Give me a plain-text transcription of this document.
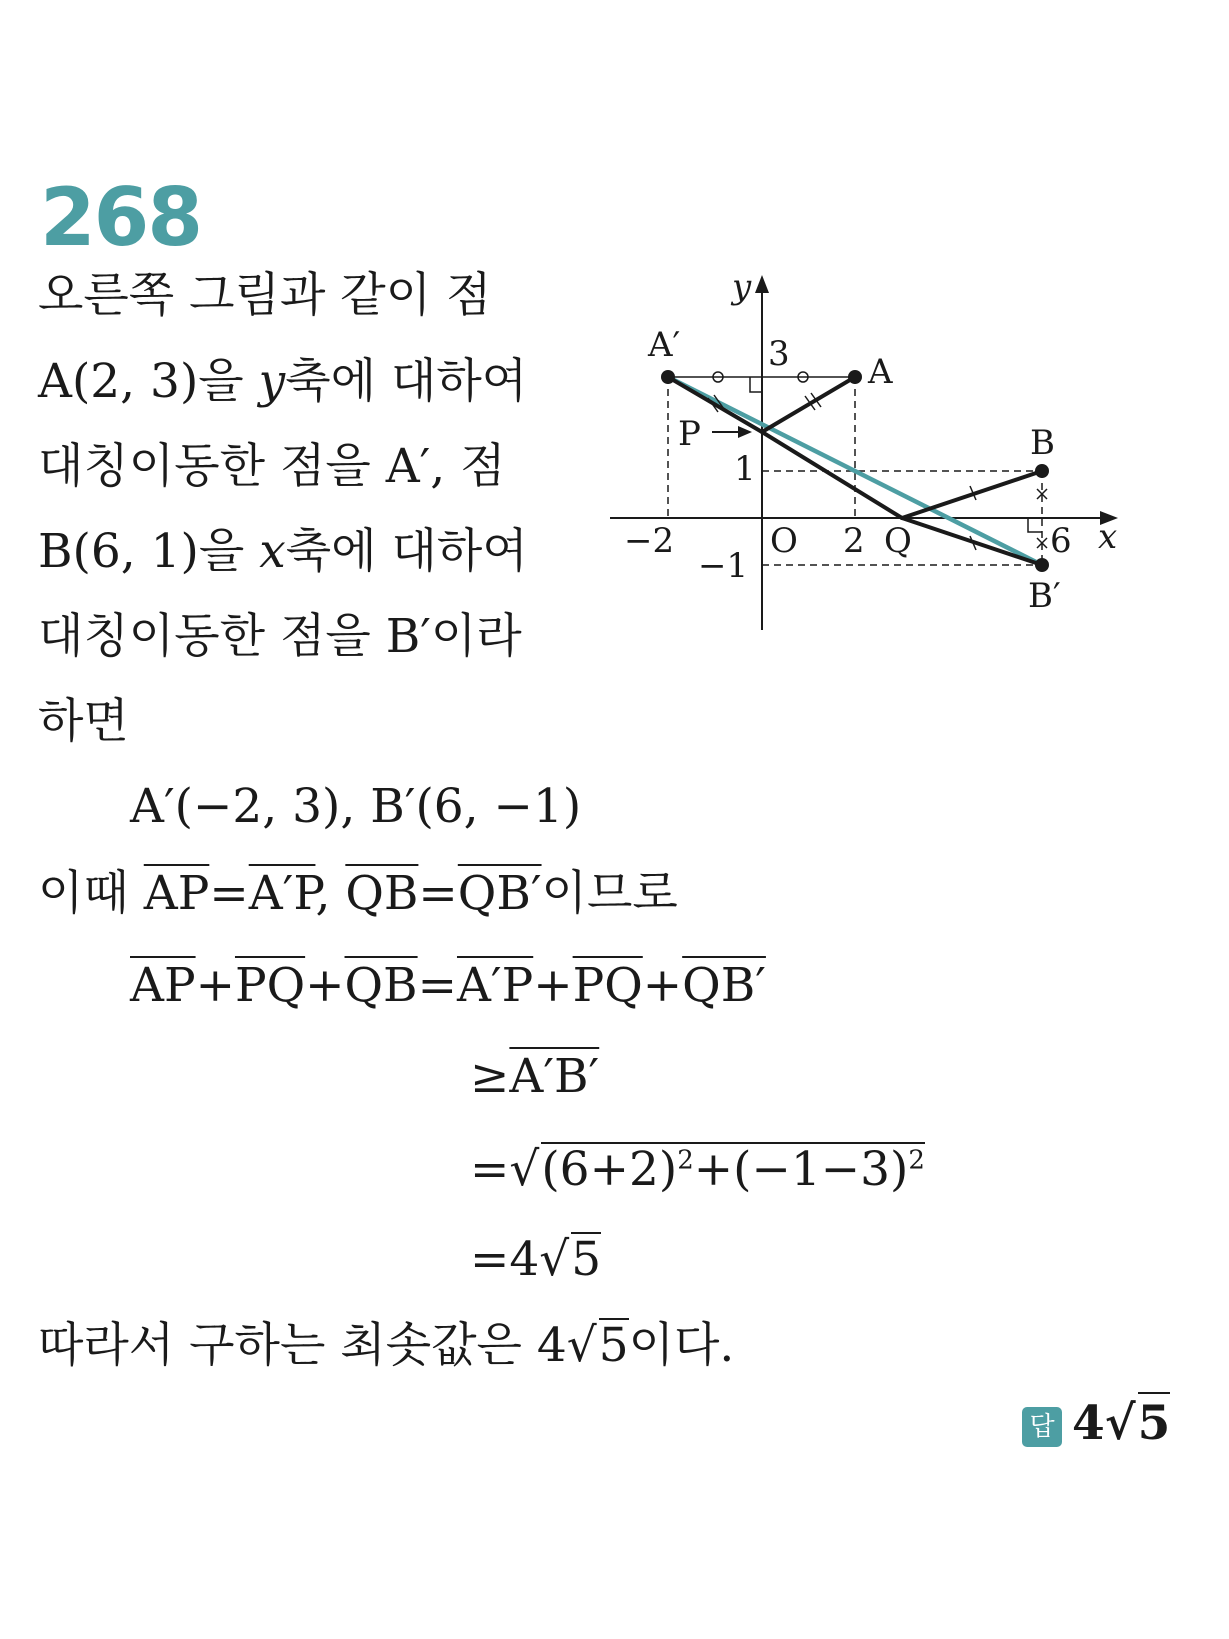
268
오른쪽 그림과 같이 점
A(2, 3)을 y축에 대하여
대칭이동한 점을 A′, 점
B(6, 1)을 x축에 대하여
대칭이동한 점을 B′이라
하면
A′(−2, 3), B′(6, −1)
이때 $\overline{AP}=A'P$, $\overline{QB}=QB'$이므로
$\overline{AP}+\overline{PQ}+\overline{QB}=A'P+\overline{PQ}+QB'$
≥A′B′
$=√(6+2)^2+(-1-3)^2$
=4√5
따라서 구하는 최솟값은 4√5이다.
답 4√5
y
x
A′
A
B
B′
P
Q
O
3
1
−1
−2	2	6
